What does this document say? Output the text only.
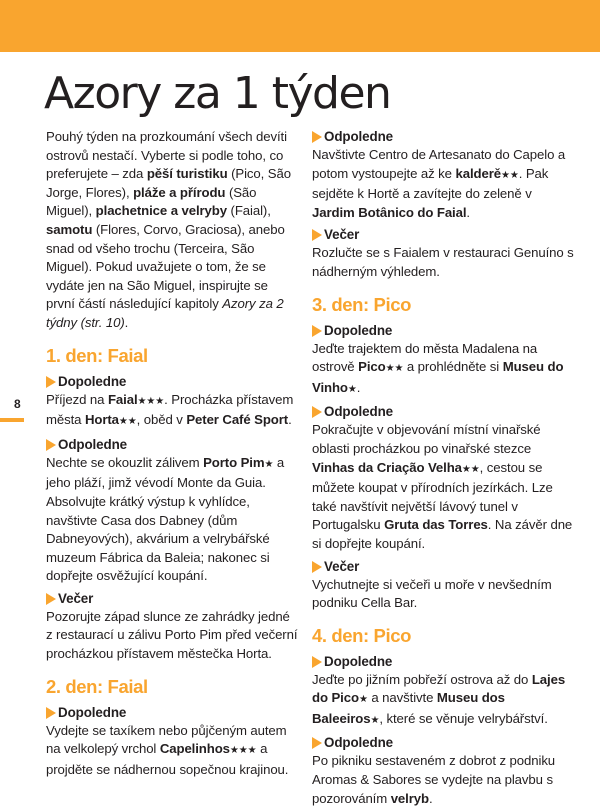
Azory za 1 týden
8

Pouhý týden na prozkoumání všech devíti ostrovů nestačí. Vyberte si podle toho, co preferujete – zda pěší turistiku (Pico, São Jorge, Flores), pláže a přírodu (São Miguel), plachetnice a velryby (Faial), samotu (Flores, Corvo, Graciosa), anebo snad od všeho trochu (Terceira, São Miguel). Pokud uvažujete o tom, že se vydáte jen na São Miguel, inspirujte se první částí následující kapitoly Azory za 2 týdny (str. 10).

1. den: Faial
Dopoledne

Příjezd na Faial★★★. Procházka přístavem města Horta★★, oběd v Peter Café Sport.

Odpoledne

Nechte se okouzlit zálivem Porto Pim★ a jeho pláží, jimž vévodí Monte da Guia. Absolvujte krátký výstup k vyhlídce, navštivte Casa dos Dabney (dům Dabneyových), akvárium a velrybářské muzeum Fábrica da Baleia; nakonec si dopřejte osvěžující koupání.

Večer

Pozorujte západ slunce ze zahrádky jedné z restaurací u zálivu Porto Pim před večerní procházkou přístavem městečka Horta.

2. den: Faial
Dopoledne

Vydejte se taxíkem nebo půjčeným autem na velkolepý vrchol Capelinhos★★★ a projděte se nádhernou sopečnou krajinou.

Odpoledne

Navštivte Centro de Artesanato do Capelo a potom vystoupejte až ke kalderě★★. Pak sejděte k Hortě a zavítejte do zeleně v Jardim Botânico do Faial.

Večer

Rozlučte se s Faialem v restauraci Genuíno s nádherným výhledem.

3. den: Pico
Dopoledne

Jeďte trajektem do města Madalena na ostrově Pico★★ a prohlédněte si Museu do Vinho★.

Odpoledne

Pokračujte v objevování místní vinařské oblasti procházkou po vinařské stezce Vinhas da Criação Velha★★, cestou se můžete koupat v přírodních jezírkách. Lze také navštívit největší lávový tunel v Portugalsku Gruta das Torres. Na závěr dne si dopřejte koupání.

Večer

Vychutnejte si večeři u moře v nevšedním podniku Cella Bar.

4. den: Pico
Dopoledne

Jeďte po jižním pobřeží ostrova až do Lajes do Pico★ a navštivte Museu dos Baleeiros★, které se věnuje velrybářství.

Odpoledne

Po pikniku sestaveném z dobrot z podniku Aromas & Sabores se vydejte na plavbu s pozorováním velryb.
